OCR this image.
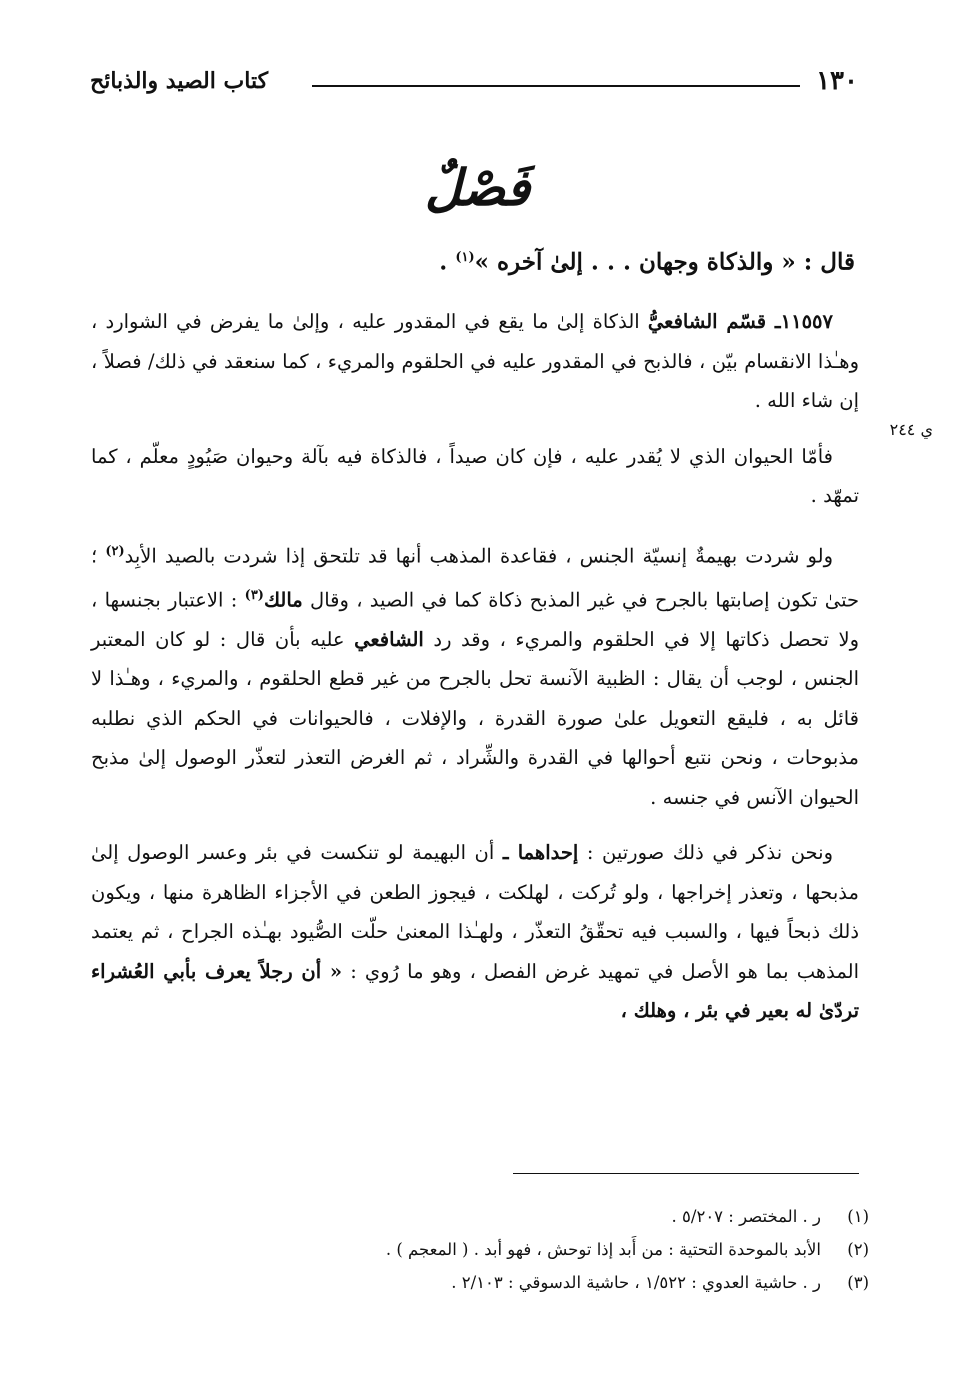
١٣٠
كتاب الصيد والذبائح
فَصْلٌ
قال : « والذكاة وجهان . . . إلىٰ آخره »$^{(١)}$ .
ي ٢٤٤

١١٥٥٧ـ قسّم الشافعيُّ الذكاة إلىٰ ما يقع في المقدور عليه ، وإلىٰ ما يفرض في الشوارد ، وهـٰذا الانقسام بيّن ، فالذبح في المقدور عليه في الحلقوم والمريء ، كما سنعقد في ذلك/ فصلاً ، إن شاء الله .

فأمّا الحيوان الذي لا يُقدر عليه ، فإن كان صيداً ، فالذكاة فيه بآلة وحيوان صَيُودٍ معلّم ، كما تمهّد .

ولو شردت بهيمةٌ إنسيّة الجنس ، فقاعدة المذهب أنها قد تلتحق إذا شردت بالصيد الأبِد$^{(٢)}$ ؛ حتىٰ تكون إصابتها بالجرح في غير المذبح ذكاة كما في الصيد ، وقال مالك$^{(٣)}$ : الاعتبار بجنسها ، ولا تحصل ذكاتها إلا في الحلقوم والمريء ، وقد رد الشافعي عليه بأن قال : لو كان المعتبر الجنس ، لوجب أن يقال : الظبية الآنسة تحل بالجرح من غير قطع الحلقوم ، والمريء ، وهـٰذا لا قائل به ، فليقع التعويل علىٰ صورة القدرة ، والإفلات ، فالحيوانات في الحكم الذي نطلبه مذبوحات ، ونحن نتبع أحوالها في القدرة والشِّراد ، ثم الغرض التعذر لتعذّر الوصول إلىٰ مذبح الحيوان الآنس في جنسه .

ونحن نذكر في ذلك صورتين : إحداهما ـ أن البهيمة لو تنكست في بئر وعسر الوصول إلىٰ مذبحها ، وتعذر إخراجها ، ولو تُركت ، لهلكت ، فيجوز الطعن في الأجزاء الظاهرة منها ، ويكون ذلك ذبحاً فيها ، والسبب فيه تحقّقُ التعذّر ، ولهـٰذا المعنىٰ حلّت الصُّيود بهـٰذه الجراح ، ثم يعتمد المذهب بما هو الأصل في تمهيد غرض الفصل ، وهو ما رُوي : « أن رجلاً يعرف بأبي العُشراء تردّىٰ له بعير في بئر ، وهلك ،

(١)ر . المختصر : ٥/٢٠٧ .

(٢)الأبد بالموحدة التحتية : من أَبد إذا توحش ، فهو أبد . ( المعجم ) .

(٣)ر . حاشية العدوي : ١/٥٢٢ ، حاشية الدسوقي : ٢/١٠٣ .
